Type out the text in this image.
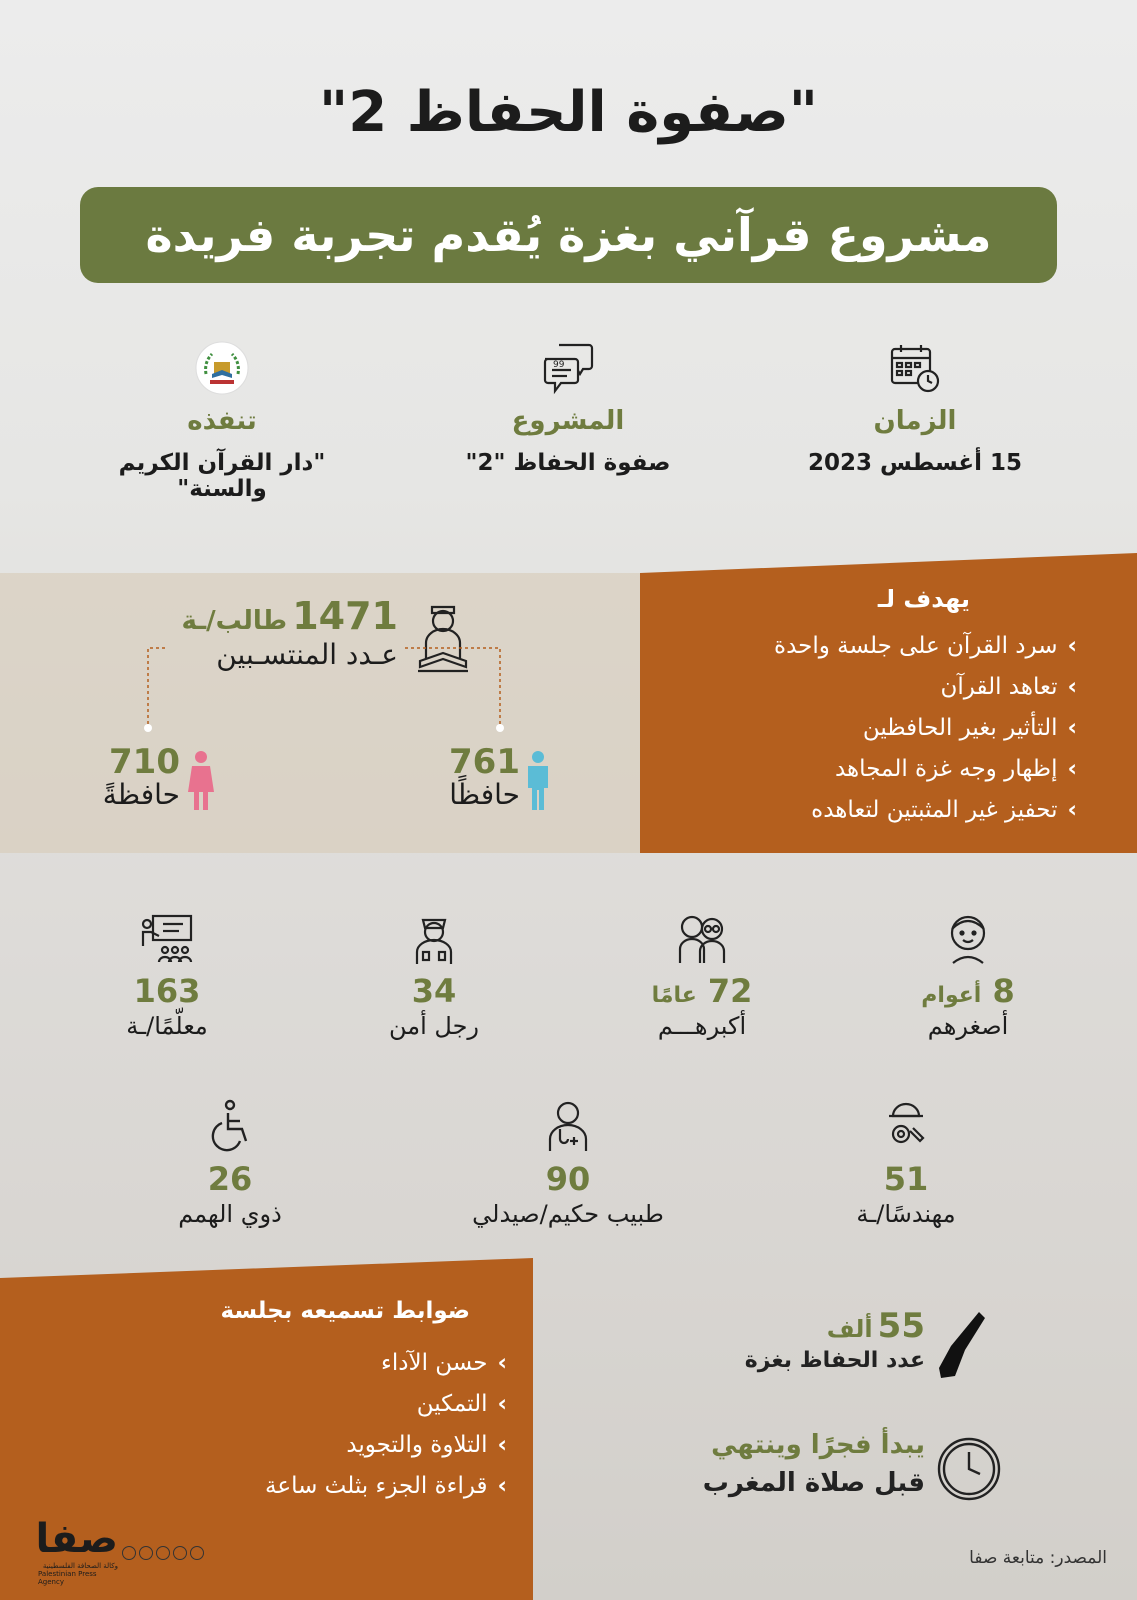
"صفوة الحفاظ 2"
مشروع قرآني بغزة يُقدم تجربة فريدة
الزمان
15 أغسطس 2023
99
المشروع
صفوة الحفاظ "2"
تنفذه
"دار القرآن الكريم والسنة"
يهدف لـ
› سرد القرآن على جلسة واحدة
› تعاهد القرآن
› التأثير بغير الحافظين
› إظهار وجه غزة المجاهد
› تحفيز غير المثبتين لتعاهده
1471 طالب/ـة
عـدد المنتسـبين
761
حافظًا
710
حافظةً
8 أعوام
أصغرهم
72 عامًا
أكبرهـــم
34
رجل أمن
163
معلّمًا/ـة
51
مهندسًا/ـة
90
طبيب حكيم/صيدلي
26
ذوي الهمم
55 ألف
عدد الحفاظ بغزة
يبدأ فجرًا وينتهي
قبل صلاة المغرب
ضوابط تسميعه بجلسة
› حسن الآداء
› التمكين
› التلاوة والتجويد
› قراءة الجزء بثلث ساعة
صفا
وكالة الصحافة الفلسطينية
Palestinian Press Agency
المصدر: متابعة صفا
